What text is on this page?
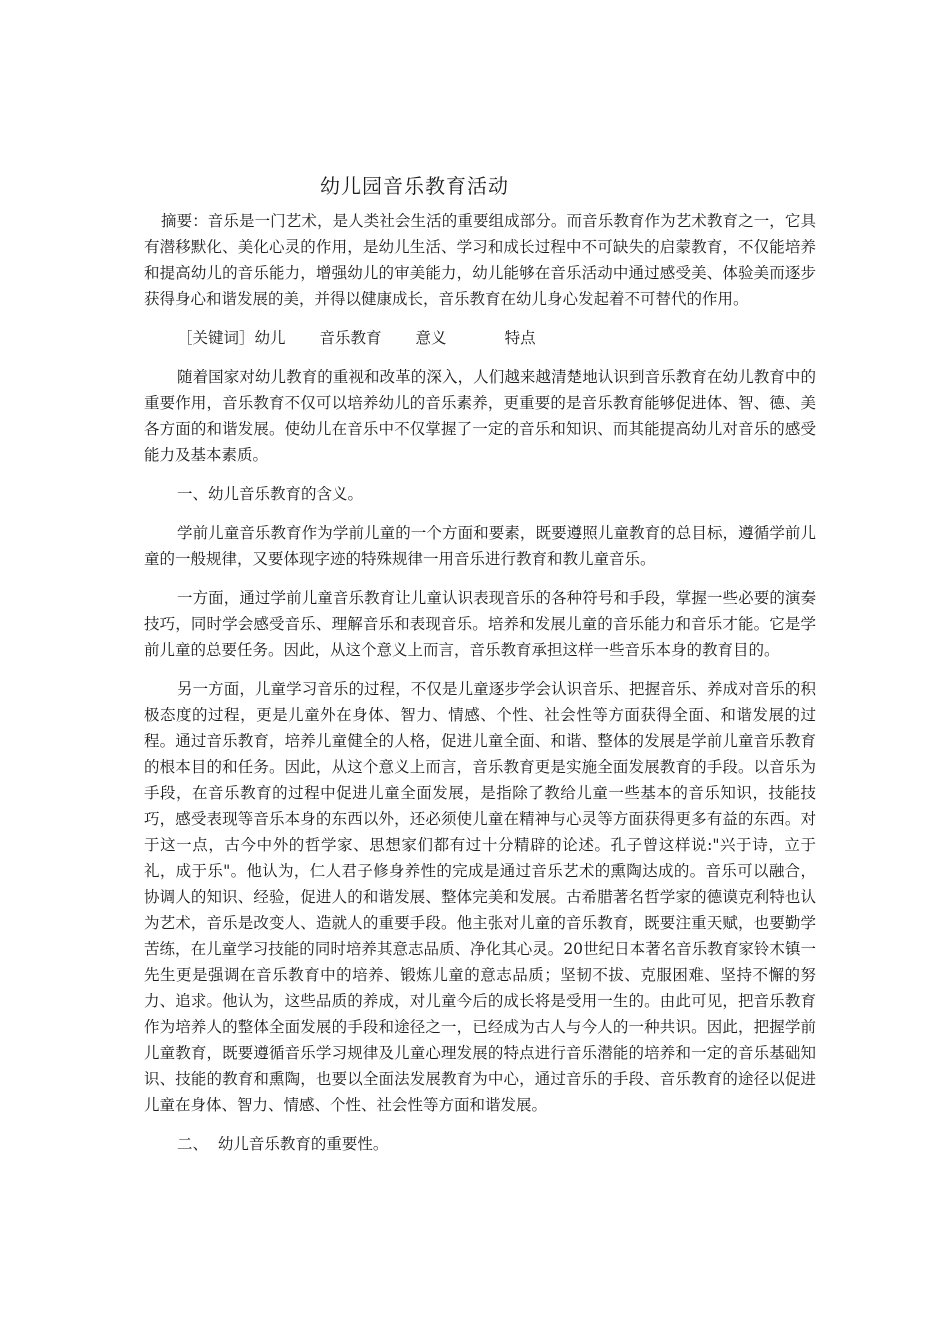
幼儿园音乐教育活动

摘要：音乐是一门艺术，是人类社会生活的重要组成部分。而音乐教育作为艺术教育之一，它具有潜移默化、美化心灵的作用，是幼儿生活、学习和成长过程中不可缺失的启蒙教育，不仅能培养和提高幼儿的音乐能力，增强幼儿的审美能力，幼儿能够在音乐活动中通过感受美、体验美而逐步获得身心和谐发展的美，并得以健康成长，音乐教育在幼儿身心发起着不可替代的作用。

［关键词］幼儿 音乐教育 意义	特点

随着国家对幼儿教育的重视和改革的深入，人们越来越清楚地认识到音乐教育在幼儿教育中的重要作用，音乐教育不仅可以培养幼儿的音乐素养，更重要的是音乐教育能够促进体、智、德、美各方面的和谐发展。使幼儿在音乐中不仅掌握了一定的音乐和知识、而其能提高幼儿对音乐的感受能力及基本素质。

一、幼儿音乐教育的含义。

学前儿童音乐教育作为学前儿童的一个方面和要素，既要遵照儿童教育的总目标，遵循学前儿童的一般规律，又要体现字迹的特殊规律一用音乐进行教育和教儿童音乐。

一方面，通过学前儿童音乐教育让儿童认识表现音乐的各种符号和手段，掌握一些必要的演奏技巧，同时学会感受音乐、理解音乐和表现音乐。培养和发展儿童的音乐能力和音乐才能。它是学前儿童的总要任务。因此，从这个意义上而言，音乐教育承担这样一些音乐本身的教育目的。

另一方面，儿童学习音乐的过程，不仅是儿童逐步学会认识音乐、把握音乐、养成对音乐的积极态度的过程，更是儿童外在身体、智力、情感、个性、社会性等方面获得全面、和谐发展的过程。通过音乐教育，培养儿童健全的人格，促进儿童全面、和谐、整体的发展是学前儿童音乐教育的根本目的和任务。因此，从这个意义上而言，音乐教育更是实施全面发展教育的手段。以音乐为手段，在音乐教育的过程中促进儿童全面发展，是指除了教给儿童一些基本的音乐知识，技能技巧，感受表现等音乐本身的东西以外，还必须使儿童在精神与心灵等方面获得更多有益的东西。对于这一点，古今中外的哲学家、思想家们都有过十分精辟的论述。孔子曾这样说:"兴于诗，立于礼，成于乐"。他认为，仁人君子修身养性的完成是通过音乐艺术的熏陶达成的。音乐可以融合，协调人的知识、经验，促进人的和谐发展、整体完美和发展。古希腊著名哲学家的德谟克利特也认为艺术，音乐是改变人、造就人的重要手段。他主张对儿童的音乐教育，既要注重天赋，也要勤学苦练，在儿童学习技能的同时培养其意志品质、净化其心灵。20世纪日本著名音乐教育家铃木镇一先生更是强调在音乐教育中的培养、锻炼儿童的意志品质；坚韧不拔、克服困难、坚持不懈的努力、追求。他认为，这些品质的养成，对儿童今后的成长将是受用一生的。由此可见，把音乐教育作为培养人的整体全面发展的手段和途径之一，已经成为古人与今人的一种共识。因此，把握学前儿童教育，既要遵循音乐学习规律及儿童心理发展的特点进行音乐潜能的培养和一定的音乐基础知识、技能的教育和熏陶，也要以全面法发展教育为中心，通过音乐的手段、音乐教育的途径以促进儿童在身体、智力、情感、个性、社会性等方面和谐发展。

二、  幼儿音乐教育的重要性。
